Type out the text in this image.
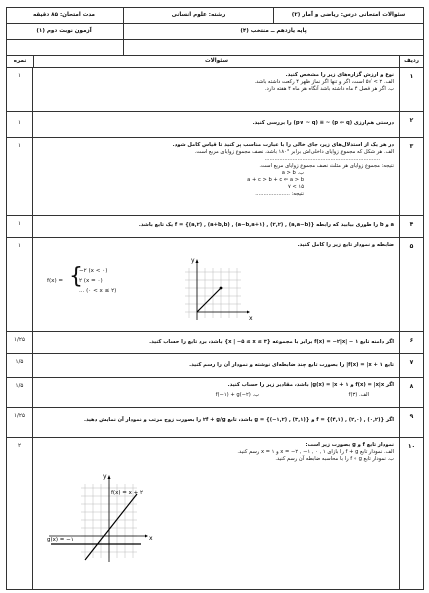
سئوالات امتحانی درس: ریاضی و آمار (۲)
رشته: علوم انسانی
مدت امتحان: ۸۵ دقیقه
پایه یازدهم ــ منتخب (۴)
آزمون نوبت دوم (۱)
ردیف
سئوالات
نمره
۱
نوع و ارزش گزاره‌های زیر را مشخص کنید.
الف. ۲ > √۵ است، اگر و تنها اگر نماز ظهر ۴ رکعت داشته باشد.
ب. اگر هر فصل ۴ ماه داشته باشد آنگاه هر ماه ۴ هفته دارد.
۱
۲
درستی هم‌ارزی (p ⇐ q) ~ ≡ (p∨ ~ q) را بررسی کنید.
۱
۳
در هر یک از استدلال‌های زیر، جای خالی را با عبارت مناسب پر کنید تا قیاس کامل شود.
الف. هر شکل که مجموع زوایای داخلی‌اش برابر °۱۸۰ باشد، نصف مجموع زوایای مربع است.
......................................................................
نتیجه: مجموع زوایای هر مثلث نصف مجموع زوایای مربع است.
ب. a > b
a + c > b + c ⇐ a > b
۱۵ > ۷
نتیجه: .....................
۱
۴
a و b را طوری بیابید که رابطه f = {(a,۲) , (a+b,b) , (a−b,a+۱) , (۲,۲) , (a,a−b)} یک تابع باشد.
۱
۵
ضابطه و نمودار تابع زیر را کامل کنید.
f(x) = {
−۲ (x < ۰)
۲ (x = ۰)
... (۰ < x ≤ ۲)
x
y
۱
۶
اگر دامنه تابع f(x) = −۲|x| − ۱ برابر با مجموعه {x | −۵ ≤ x ≤ ۳} باشد، برد تابع را حساب کنید.
۱/۲۵
۷
تابع f(x) = |x + ۱| را بصورت تابع چند ضابطه‌ای نوشته و نمودار آن را رسم کنید.
۱/۵
۸
اگر f(x) = |x|x و g(x) = |x + ۱| باشد، مقادیر زیر را حساب کنید.
الف. f(۳)
ب. f(−۱) + g(−۲)
۱/۵
۹
اگر f = {(۴,۱) , (۲,۰) , (۰,۲)} و g = {(−۱,۲) , (۳,۱)} باشد، تابع ۲f + g/g را بصورت زوج مرتب و نمودار آن نمایش دهید.
۱/۲۵
۱۰
نمودار تابع f و g بصورت زیر است:
الف. نمودار تابع f + g را بازای x = −۲ , −۱ , ۰ , ۱ و x = ۱ رسم کنید.
ب. نمودار تابع f ∘ g را با محاسبه ضابطه آن رسم کنید.
f(x) = x + ۲
g(x) = −۱	x
y
۲
